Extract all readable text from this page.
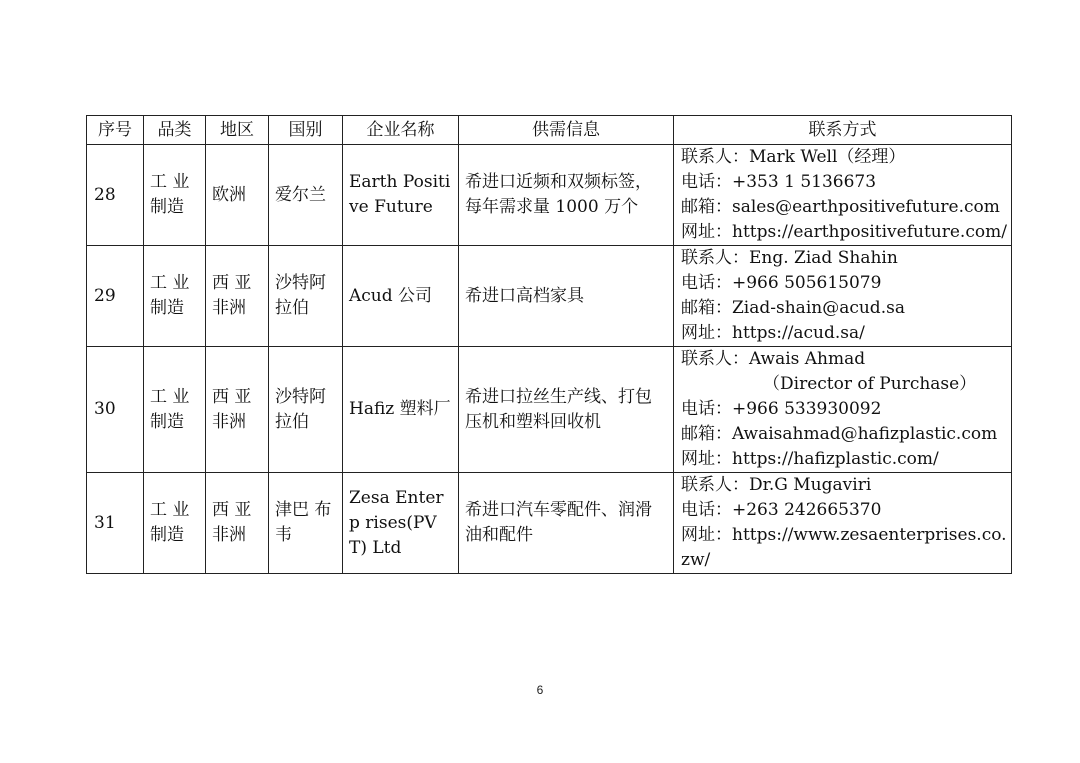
序号	品类	地区	国别	企业名称	供需信息	联系方式
28	工 业 制造	欧洲	爱尔兰	Earth Positi ve Future	希进口近频和双频标签，每年需求量 1000 万个	联系人：Mark Well（经理）
电话：+353 1 5136673
邮箱：sales@earthpositivefuture.com
网址：https://earthpositivefuture.com/

29	工 业 制造	西 亚 非洲	沙特阿 拉伯	Acud 公司	希进口高档家具	联系人：Eng. Ziad Shahin
电话：+966 505615079
邮箱：Ziad-shain@acud.sa
网址：https://acud.sa/

30	工 业 制造	西 亚 非洲	沙特阿 拉伯	Hafiz 塑料厂	希进口拉丝生产线、打包压机和塑料回收机	联系人：Awais Ahmad
（Director of Purchase）
电话：+966 533930092
邮箱：Awaisahmad@hafizplastic.com
网址：https://hafizplastic.com/

31	工 业 制造	西 亚 非洲	津巴 布韦	Zesa Enterp rises(PVT) Ltd	希进口汽车零配件、润滑油和配件	联系人：Dr.G Mugaviri
电话：+263 242665370
网址：https://www.zesaenterprises.co.zw/
6
